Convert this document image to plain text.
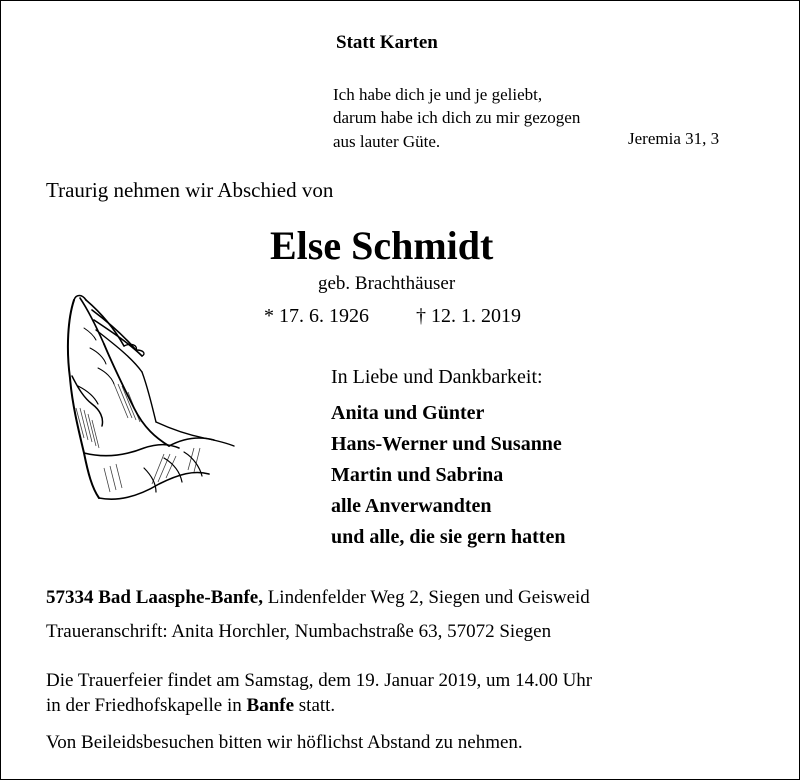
Statt Karten
Ich habe dich je und je geliebt,
darum habe ich dich zu mir gezogen
aus lauter Güte.	Jeremia 31, 3
Traurig nehmen wir Abschied von
Else Schmidt
geb. Brachthäuser
* 17. 6. 1926 † 12. 1. 2019
In Liebe und Dankbarkeit:
Anita und Günter
Hans-Werner und Susanne
Martin und Sabrina
alle Anverwandten
und alle, die sie gern hatten
57334 Bad Laasphe-Banfe, Lindenfelder Weg 2, Siegen und Geisweid
Traueranschrift: Anita Horchler, Numbachstraße 63, 57072 Siegen
Die Trauerfeier findet am Samstag, dem 19. Januar 2019, um 14.00 Uhr
in der Friedhofskapelle in Banfe statt.
Von Beileidsbesuchen bitten wir höflichst Abstand zu nehmen.
